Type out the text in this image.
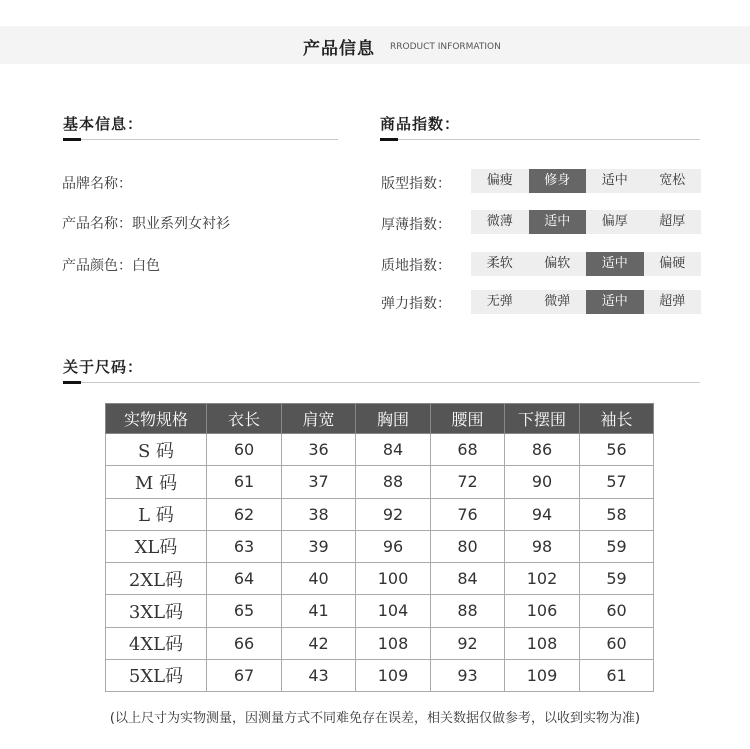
产品信息 RRODUCT INFORMATION
基本信息：
品牌名称：
产品名称：职业系列女衬衫
产品颜色：白色
商品指数：
版型指数：	偏瘦	修身	适中	宽松
厚薄指数：	微薄	适中	偏厚	超厚
质地指数：	柔软	偏软	适中	偏硬
弹力指数：	无弹	微弹	适中	超弹
关于尺码：
实物规格	衣长	肩宽	胸围	腰围	下摆围	袖长
S 码	60	36	84	68	86	56
M 码	61	37	88	72	90	57
L 码	62	38	92	76	94	58
XL码	63	39	96	80	98	59
2XL码	64	40	100	84	102	59
3XL码	65	41	104	88	106	60
4XL码	66	42	108	92	108	60
5XL码	67	43	109	93	109	61
(以上尺寸为实物测量，因测量方式不同难免存在误差，相关数据仅做参考，以收到实物为准)
